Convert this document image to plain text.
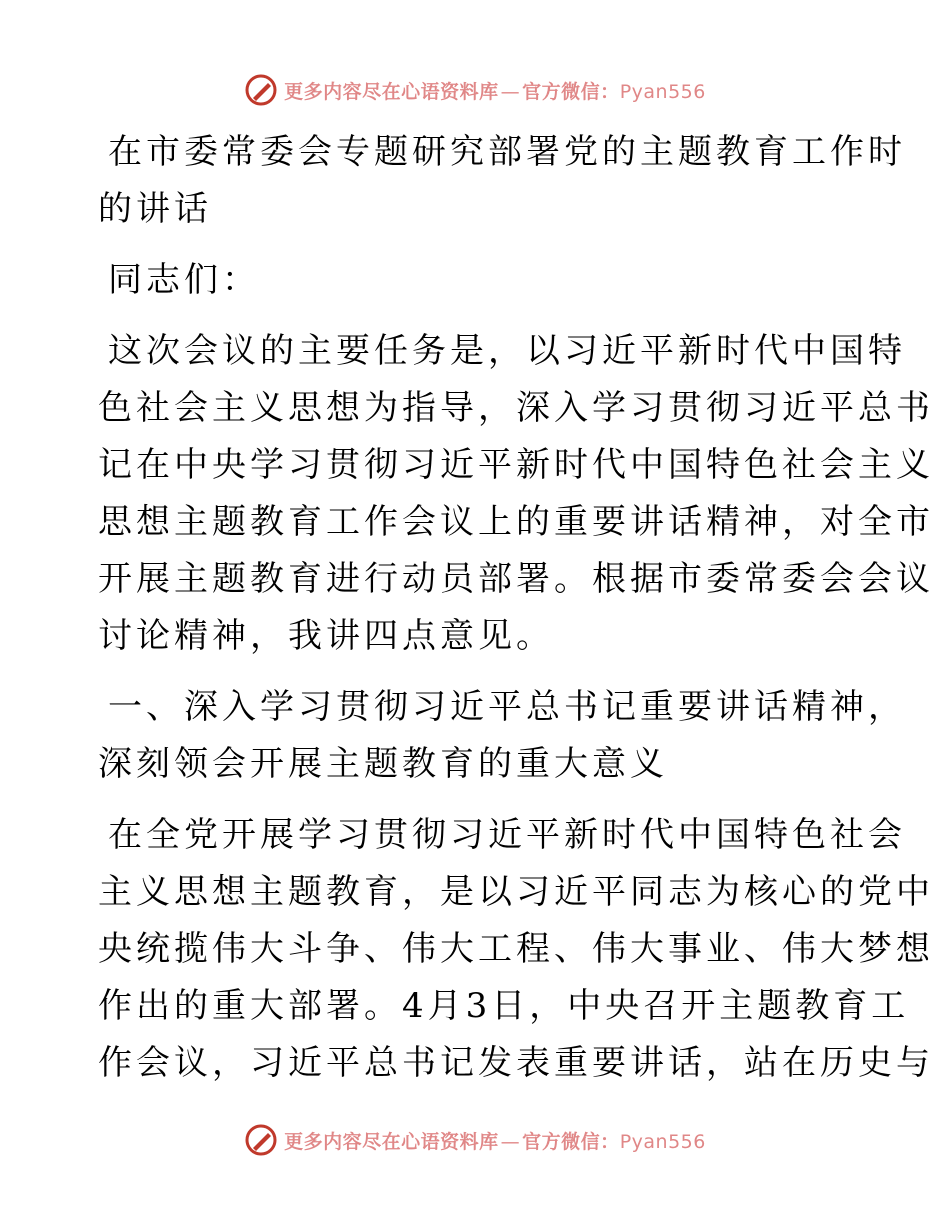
更多内容尽在心语资料库 — 官方微信：Pyan556
在市委常委会专题研究部署党的主题教育工作时
的讲话
同志们：
这次会议的主要任务是，以习近平新时代中国特
色社会主义思想为指导，深入学习贯彻习近平总书
记在中央学习贯彻习近平新时代中国特色社会主义
思想主题教育工作会议上的重要讲话精神，对全市
开展主题教育进行动员部署。根据市委常委会会议
讨论精神，我讲四点意见。
一、深入学习贯彻习近平总书记重要讲话精神，
深刻领会开展主题教育的重大意义
在全党开展学习贯彻习近平新时代中国特色社会
主义思想主题教育，是以习近平同志为核心的党中
央统揽伟大斗争、伟大工程、伟大事业、伟大梦想
作出的重大部署。4月3日，中央召开主题教育工
作会议，习近平总书记发表重要讲话，站在历史与
更多内容尽在心语资料库 — 官方微信：Pyan556
